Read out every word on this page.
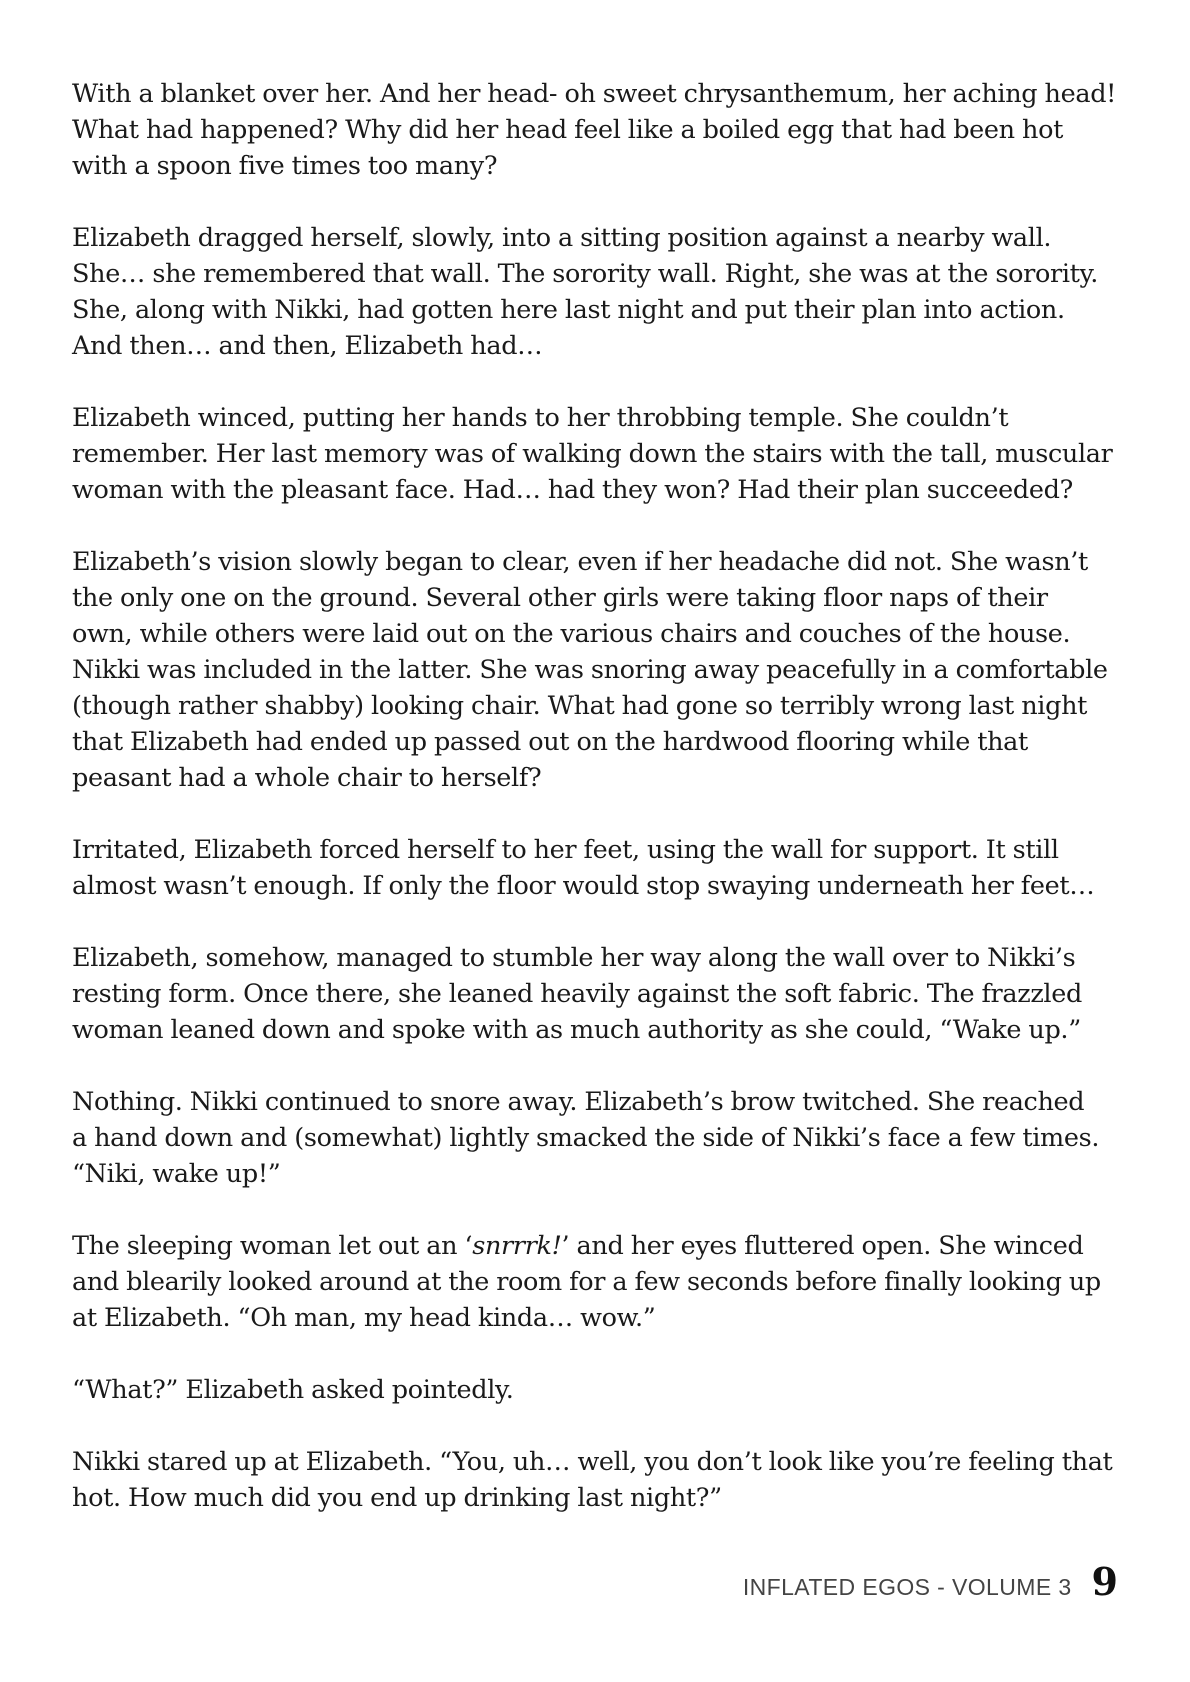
With a blanket over her. And her head- oh sweet chrysanthemum, her aching head!
What had happened? Why did her head feel like a boiled egg that had been hot
with a spoon five times too many?

Elizabeth dragged herself, slowly, into a sitting position against a nearby wall.
She… she remembered that wall. The sorority wall. Right, she was at the sorority.
She, along with Nikki, had gotten here last night and put their plan into action.
And then… and then, Elizabeth had…

Elizabeth winced, putting her hands to her throbbing temple. She couldn’t
remember. Her last memory was of walking down the stairs with the tall, muscular
woman with the pleasant face. Had… had they won? Had their plan succeeded?

Elizabeth’s vision slowly began to clear, even if her headache did not. She wasn’t
the only one on the ground. Several other girls were taking floor naps of their
own, while others were laid out on the various chairs and couches of the house.
Nikki was included in the latter. She was snoring away peacefully in a comfortable
(though rather shabby) looking chair. What had gone so terribly wrong last night
that Elizabeth had ended up passed out on the hardwood flooring while that
peasant had a whole chair to herself?

Irritated, Elizabeth forced herself to her feet, using the wall for support. It still
almost wasn’t enough. If only the floor would stop swaying underneath her feet…

Elizabeth, somehow, managed to stumble her way along the wall over to Nikki’s
resting form. Once there, she leaned heavily against the soft fabric. The frazzled
woman leaned down and spoke with as much authority as she could, “Wake up.”

Nothing. Nikki continued to snore away. Elizabeth’s brow twitched. She reached
a hand down and (somewhat) lightly smacked the side of Nikki’s face a few times.
“Niki, wake up!”

The sleeping woman let out an ‘snrrrk!’ and her eyes fluttered open. She winced
and blearily looked around at the room for a few seconds before finally looking up
at Elizabeth. “Oh man, my head kinda… wow.”

“What?” Elizabeth asked pointedly.

Nikki stared up at Elizabeth. “You, uh… well, you don’t look like you’re feeling that
hot. How much did you end up drinking last night?”

INFLATED EGOS - VOLUME 3 9
